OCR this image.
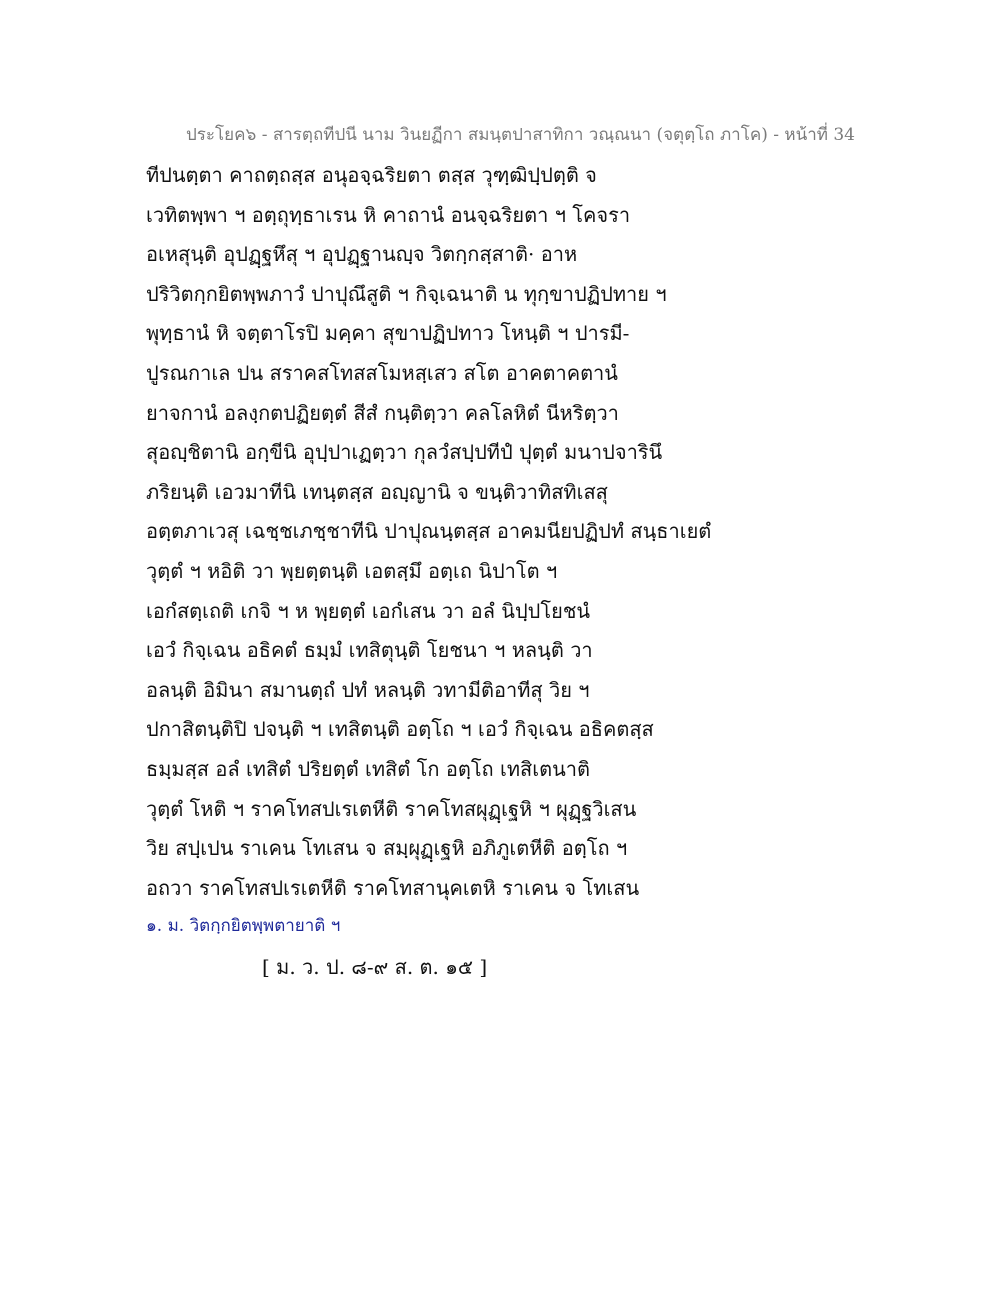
ประโยค๖ - สารตฺถทีปนี นาม วินยฏีกา สมนฺตปาสาทิกา วณฺณนา (จตุตฺโถ ภาโค) - หน้าที่ 34
ทีปนตฺตา คาถตฺถสฺส อนุอจฺฉริยตา ตสฺส วุฑฺฒิปฺปตฺติ จ
เวทิตพฺพา ฯ อตฺถุทฺธาเรน หิ คาถานํ อนจฺฉริยตา ฯ โคจรา
อเหสุนฺติ อุปฏฺฐหึสุ ฯ อุปฏฺฐานญฺจ วิตกฺกสฺสาติ· อาห
ปริวิตกฺกยิตพฺพภาวํ ปาปุณึสูติ ฯ กิจฺเฉนาติ น ทุกฺขาปฏิปทาย ฯ
พุทฺธานํ หิ จตฺตาโรปิ มคฺคา สุขาปฏิปทาว โหนฺติ ฯ ปารมี-
ปูรณกาเล ปน สราคสโทสสโมหสฺเสว สโต อาคตาคตานํ
ยาจกานํ อลงฺกตปฏิยตฺตํ สีสํ กนฺติตฺวา คลโลหิตํ นีหริตฺวา
สุอญฺชิตานิ อกฺขีนิ อุปฺปาเฏตฺวา กุลวํสปฺปทีปํ ปุตฺตํ มนาปจารินึ
ภริยนฺติ เอวมาทีนิ เทนฺตสฺส อญฺญานิ จ ขนฺติวาทิสทิเสสุ
อตฺตภาเวสุ เฉชฺชเภชฺชาทีนิ ปาปุณนฺตสฺส อาคมนียปฏิปทํ สนฺธาเยตํ
วุตฺตํ ฯ หอิติ วา พฺยตฺตนฺติ เอตสฺมึ อตฺเถ นิปาโต ฯ
เอกํสตฺเถติ เกจิ ฯ ห พฺยตฺตํ เอกํเสน วา อลํ นิปฺปโยชนํ
เอวํ กิจฺเฉน อธิคตํ ธมฺมํ เทสิตุนฺติ โยชนา ฯ หลนฺติ วา
อลนฺติ อิมินา สมานตฺถํ ปทํ หลนฺติ วทามีติอาทีสุ วิย ฯ
ปกาสิตนฺติปิ ปจนฺติ ฯ เทสิตนฺติ อตฺโถ ฯ เอวํ กิจฺเฉน อธิคตสฺส
ธมฺมสฺส อลํ เทสิตํ ปริยตฺตํ เทสิตํ โก อตฺโถ เทสิเตนาติ
วุตฺตํ โหติ ฯ ราคโทสปเรเตหีติ ราคโทสผุฏฺเฐหิ ฯ ผุฏฺฐวิเสน
วิย สปฺเปน ราเคน โทเสน จ สมฺผุฏฺเฐหิ อภิภูเตหีติ อตฺโถ ฯ
อถวา ราคโทสปเรเตหีติ ราคโทสานุคเตหิ ราเคน จ โทเสน
๑. ม. วิตกฺกยิตพฺพตายาติ ฯ
[ ม. ว. ป. ๘-๙ ส. ต. ๑๕ ]
